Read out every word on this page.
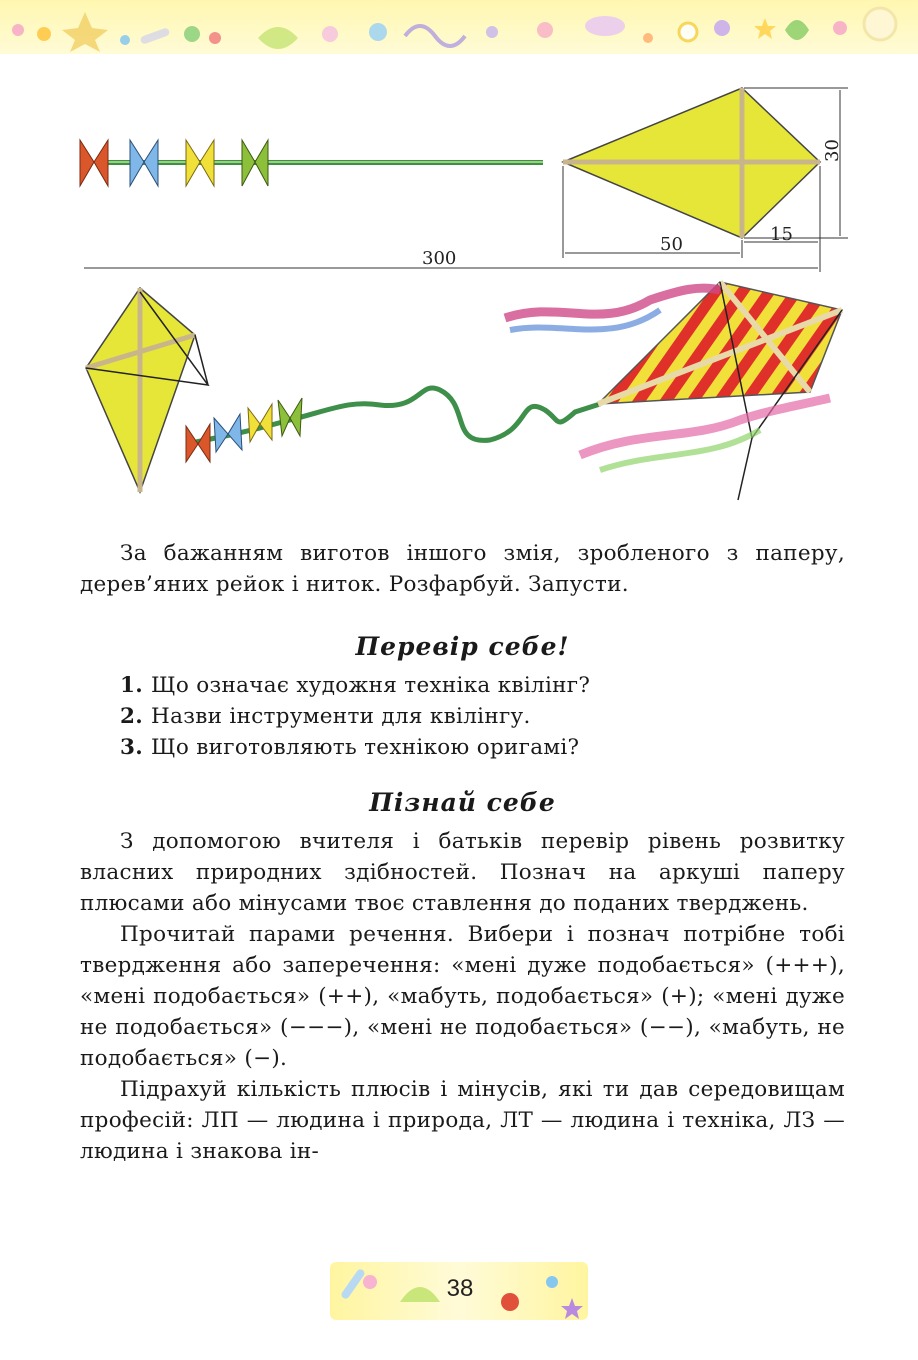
50	15
300
30

За бажанням виготов іншого змія, зробленого з паперу, дерев’яних рейок і ниток. Розфарбуй. Запусти.

Перевір себе!
1. Що означає художня техніка квілінг?
2. Назви інструменти для квілінгу.
3. Що виготовляють технікою оригамі?
Пізнай себе

З допомогою вчителя і батьків перевір рівень розвитку власних природних здібностей. Познач на аркуші паперу плюсами або мінусами твоє ставлення до поданих тверджень.

Прочитай парами речення. Вибери і познач потрібне тобі твердження або заперечення: «мені дуже подобається» (+++), «мені подобається» (++), «мабуть, подобається» (+); «мені дуже не подобається» (−−−), «мені не подобається» (−−), «мабуть, не подобається» (−).

Підрахуй кількість плюсів і мінусів, які ти дав середовищам професій: ЛП — людина і природа, ЛТ — людина і техніка, ЛЗ — людина і знакова ін-

38
